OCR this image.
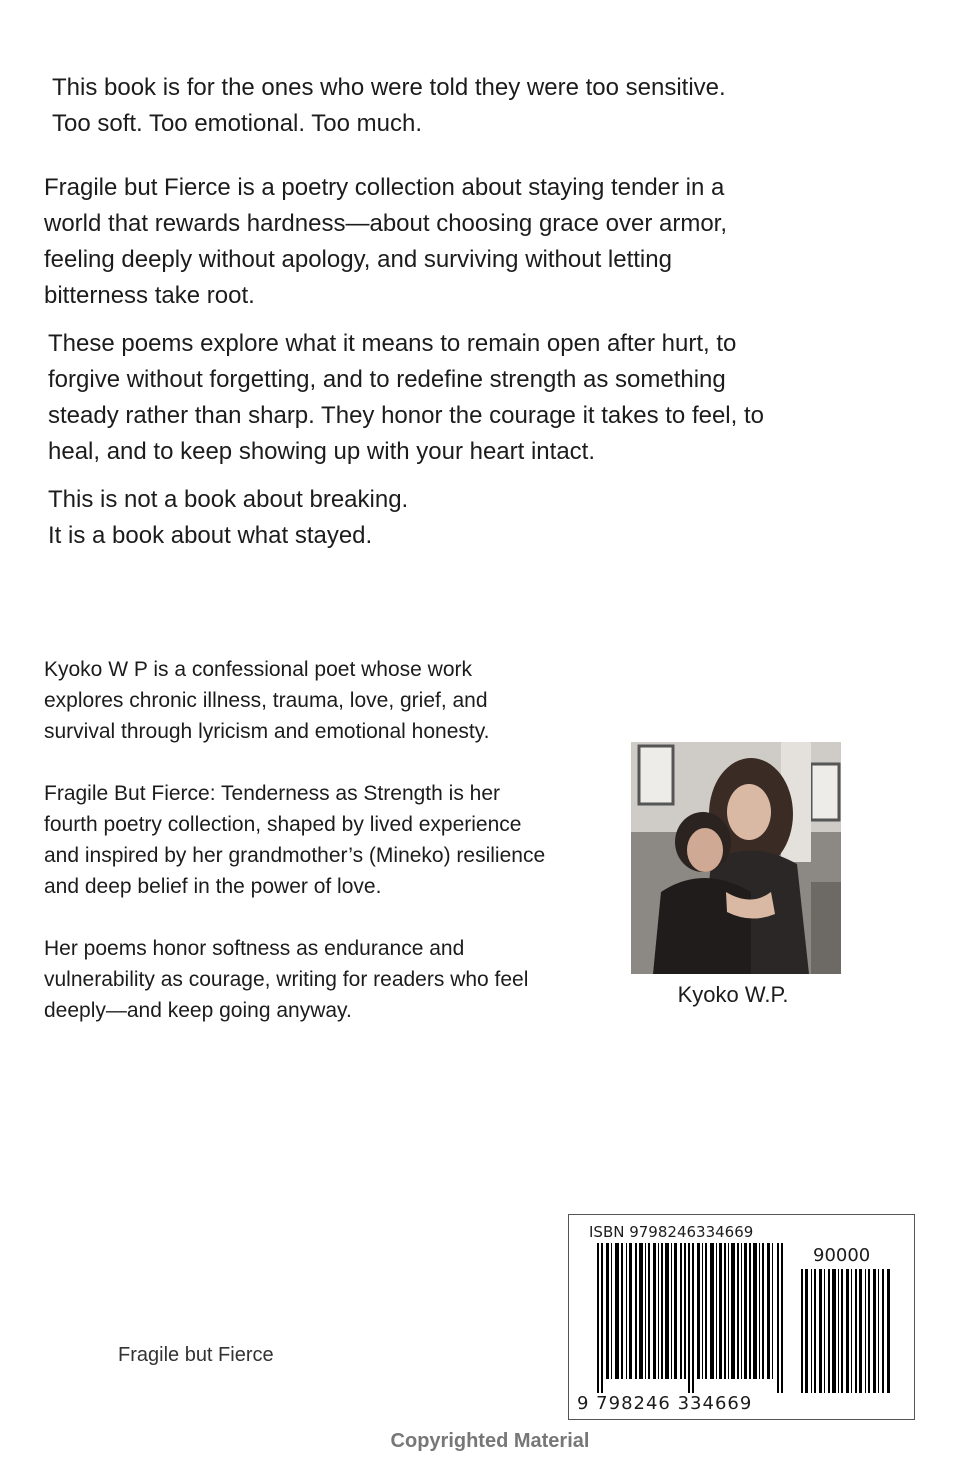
This book is for the ones who were told they were too sensitive.

Too soft. Too emotional. Too much.

Fragile but Fierce is a poetry collection about staying tender in a

world that rewards hardness—about choosing grace over armor,

feeling deeply without apology, and surviving without letting

bitterness take root.

These poems explore what it means to remain open after hurt, to

forgive without forgetting, and to redefine strength as something

steady rather than sharp. They honor the courage it takes to feel, to

heal, and to keep showing up with your heart intact.

This is not a book about breaking.

It is a book about what stayed.

Kyoko W P is a confessional poet whose work

explores chronic illness, trauma, love, grief, and

survival through lyricism and emotional honesty.

Fragile But Fierce: Tenderness as Strength is her

fourth poetry collection, shaped by lived experience

and inspired by her grandmother’s (Mineko) resilience

and deep belief in the power of love.

Her poems honor softness as endurance and

vulnerability as courage, writing for readers who feel

deeply—and keep going anyway.

Kyoko W.P.
Fragile but Fierce
ISBN 9798246334669
90000
9 798246 334669
Copyrighted Material
